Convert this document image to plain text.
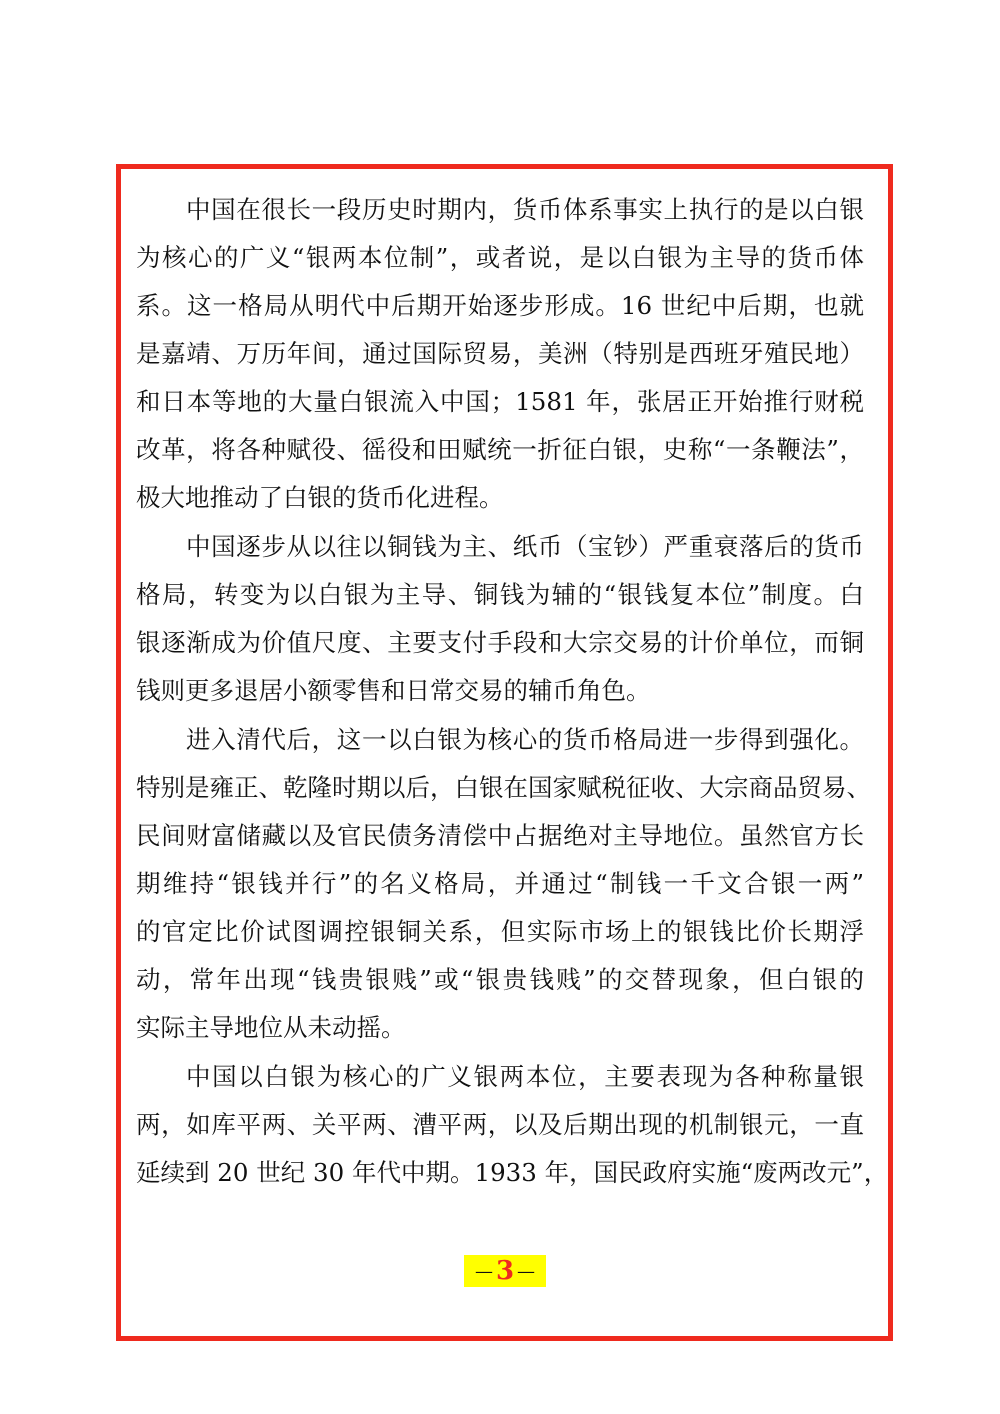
中国在很长一段历史时期内，货币体系事实上执行的是以白银
为核心的广义“银两本位制”，或者说，是以白银为主导的货币体
系。这一格局从明代中后期开始逐步形成。16 世纪中后期，也就
是嘉靖、万历年间，通过国际贸易，美洲（特别是西班牙殖民地）
和日本等地的大量白银流入中国；1581 年，张居正开始推行财税
改革，将各种赋役、徭役和田赋统一折征白银，史称“一条鞭法”，
极大地推动了白银的货币化进程。
中国逐步从以往以铜钱为主、纸币（宝钞）严重衰落后的货币
格局，转变为以白银为主导、铜钱为辅的“银钱复本位”制度。白
银逐渐成为价值尺度、主要支付手段和大宗交易的计价单位，而铜
钱则更多退居小额零售和日常交易的辅币角色。
进入清代后，这一以白银为核心的货币格局进一步得到强化。
特别是雍正、乾隆时期以后，白银在国家赋税征收、大宗商品贸易、
民间财富储藏以及官民债务清偿中占据绝对主导地位。虽然官方长
期维持“银钱并行”的名义格局，并通过“制钱一千文合银一两”
的官定比价试图调控银铜关系，但实际市场上的银钱比价长期浮
动，常年出现“钱贵银贱”或“银贵钱贱”的交替现象，但白银的
实际主导地位从未动摇。
中国以白银为核心的广义银两本位，主要表现为各种称量银
两，如库平两、关平两、漕平两，以及后期出现的机制银元，一直
延续到 20 世纪 30 年代中期。1933 年，国民政府实施“废两改元”，
— 3 —
